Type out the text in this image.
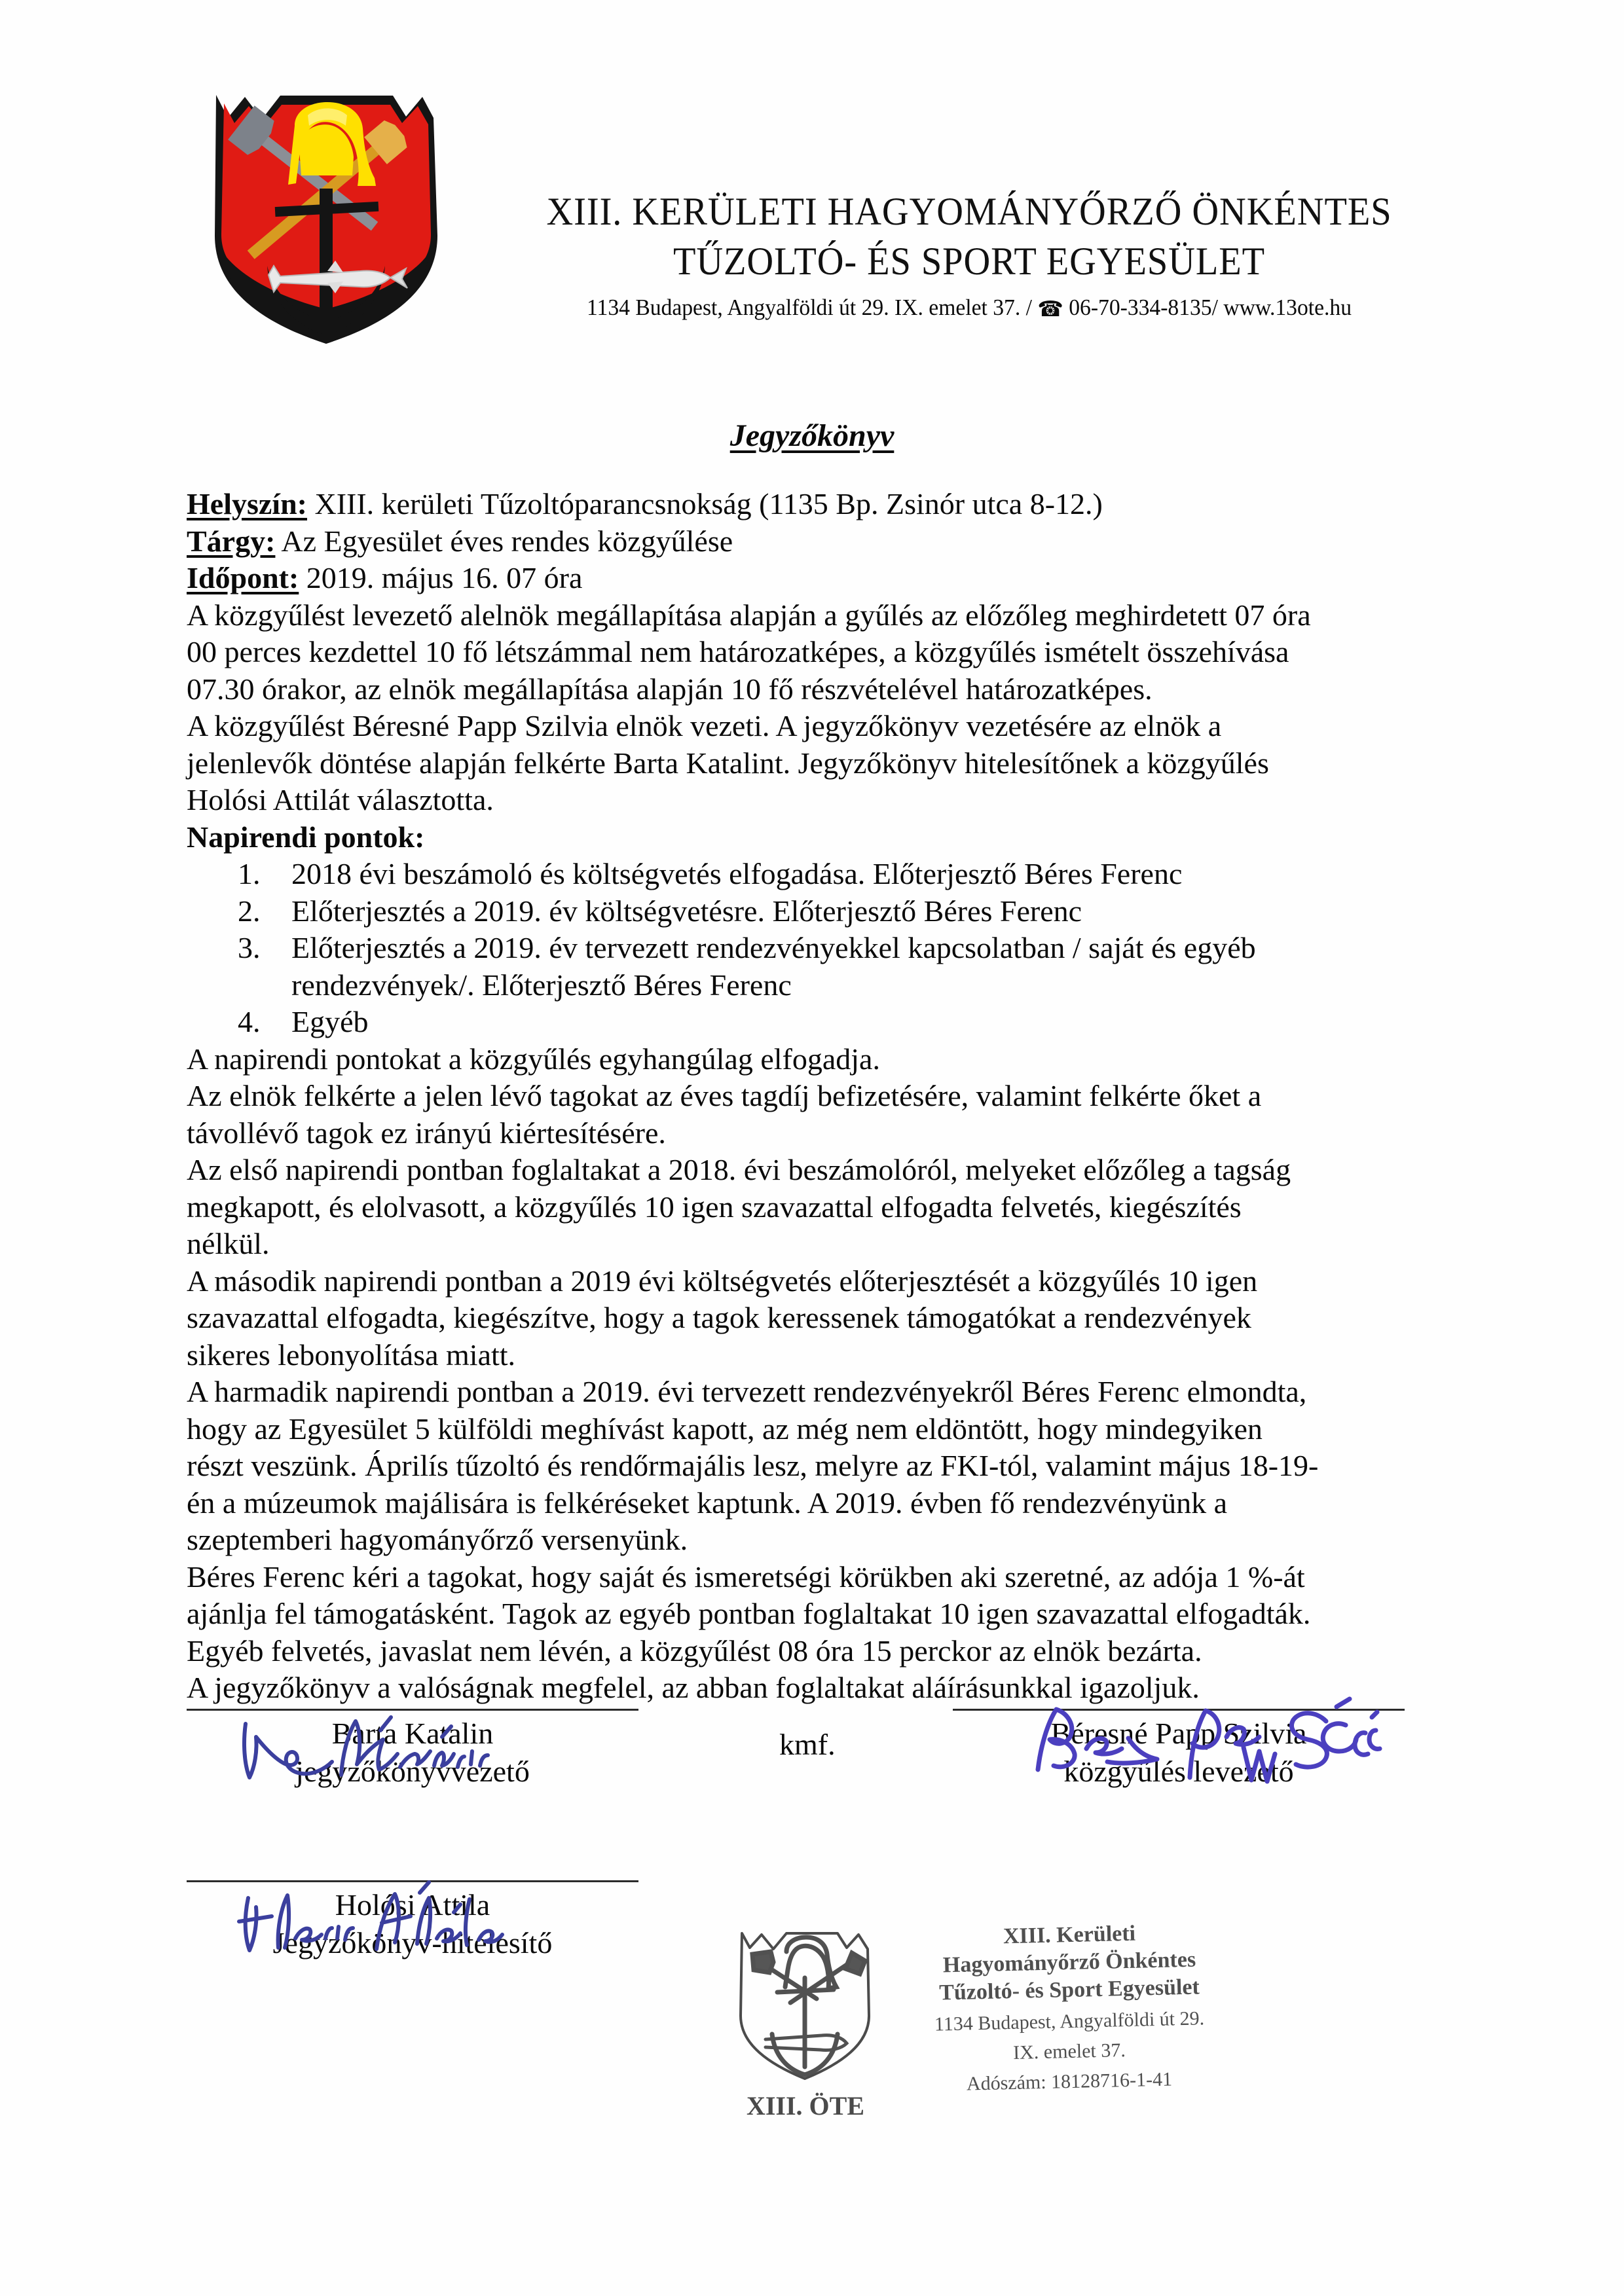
XIII. KERÜLETI HAGYOMÁNYŐRZŐ ÖNKÉNTES
TŰZOLTÓ- ÉS SPORT EGYESÜLET
1134 Budapest, Angyalföldi út 29. IX. emelet 37. / ☎ 06-70-334-8135/ www.13ote.hu
Jegyzőkönyv
Helyszín: XIII. kerületi Tűzoltóparancsnokság (1135 Bp. Zsinór utca 8-12.)
Tárgy: Az Egyesület éves rendes közgyűlése
Időpont: 2019. május 16. 07 óra
A közgyűlést levezető alelnök megállapítása alapján a gyűlés az előzőleg meghirdetett 07 óra
00 perces kezdettel 10 fő létszámmal nem határozatképes, a közgyűlés ismételt összehívása
07.30 órakor, az elnök megállapítása alapján 10 fő részvételével határozatképes.
A közgyűlést Béresné Papp Szilvia elnök vezeti. A jegyzőkönyv vezetésére az elnök a
jelenlevők döntése alapján felkérte Barta Katalint. Jegyzőkönyv hitelesítőnek a közgyűlés
Holósi Attilát választotta.
Napirendi pontok:
1.	2018 évi beszámoló és költségvetés elfogadása. Előterjesztő Béres Ferenc
2.	Előterjesztés a 2019. év költségvetésre. Előterjesztő Béres Ferenc
3.	Előterjesztés a 2019. év tervezett rendezvényekkel kapcsolatban / saját és egyéb rendezvények/. Előterjesztő Béres Ferenc
4.	Egyéb
A napirendi pontokat a közgyűlés egyhangúlag elfogadja.
Az elnök felkérte a jelen lévő tagokat az éves tagdíj befizetésére, valamint felkérte őket a
távollévő tagok ez irányú kiértesítésére.
Az első napirendi pontban foglaltakat a 2018. évi beszámolóról, melyeket előzőleg a tagság
megkapott, és elolvasott, a közgyűlés 10 igen szavazattal elfogadta felvetés, kiegészítés
nélkül.
A második napirendi pontban a 2019 évi költségvetés előterjesztését a közgyűlés 10 igen
szavazattal elfogadta, kiegészítve, hogy a tagok keressenek támogatókat a rendezvények
sikeres lebonyolítása miatt.
A harmadik napirendi pontban a 2019. évi tervezett rendezvényekről Béres Ferenc elmondta,
hogy az Egyesület 5 külföldi meghívást kapott, az még nem eldöntött, hogy mindegyiken
részt veszünk. Áprilís tűzoltó és rendőrmajális lesz, melyre az FKI-tól, valamint május 18-19-
én a múzeumok majálisára is felkéréseket kaptunk. A 2019. évben fő rendezvényünk a
szeptemberi hagyományőrző versenyünk.
Béres Ferenc kéri a tagokat, hogy saját és ismeretségi körükben aki szeretné, az adója 1 %-át
ajánlja fel támogatásként. Tagok az egyéb pontban foglaltakat 10 igen szavazattal elfogadták.
Egyéb felvetés, javaslat nem lévén, a közgyűlést 08 óra 15 perckor az elnök bezárta.
A jegyzőkönyv a valóságnak megfelel, az abban foglaltakat aláírásunkkal igazoljuk.
kmf.
Barta Katalin
jegyzőkönyvvezető
Béresné Papp Szilvia
közgyűlés levezető
Holósi Attila
Jegyzőkönyv-hitelesítő
XIII. ÖTE
XIII. Kerületi
Hagyományőrző Önkéntes
Tűzoltó- és Sport Egyesület
1134 Budapest, Angyalföldi út 29.
IX. emelet 37.
Adószám: 18128716-1-41
